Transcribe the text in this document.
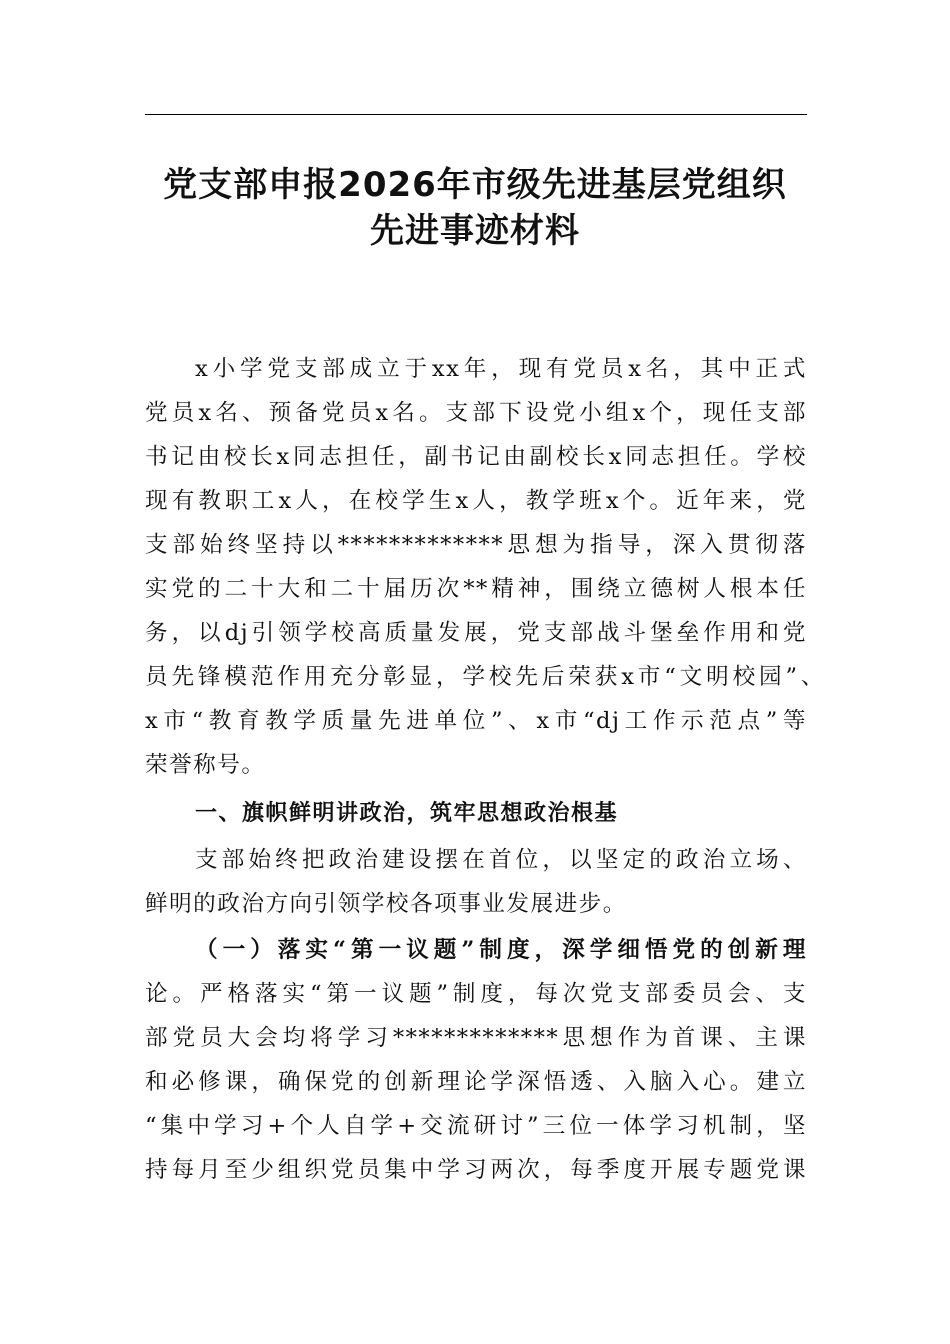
党支部申报2026年市级先进基层党组织
先进事迹材料
x小学党支部成立于xx年，现有党员x名，其中正式
党员x名、预备党员x名。支部下设党小组x个，现任支部
书记由校长x同志担任，副书记由副校长x同志担任。学校
现有教职工x人，在校学生x人，教学班x个。近年来，党
支部始终坚持以*************思想为指导，深入贯彻落
实党的二十大和二十届历次**精神，围绕立德树人根本任
务，以dj引领学校高质量发展，党支部战斗堡垒作用和党
员先锋模范作用充分彰显，学校先后荣获x市“文明校园”、
x市“教育教学质量先进单位”、x市“dj工作示范点”等
荣誉称号。
一、旗帜鲜明讲政治，筑牢思想政治根基
支部始终把政治建设摆在首位，以坚定的政治立场、
鲜明的政治方向引领学校各项事业发展进步。
（一）落实“第一议题”制度，深学细悟党的创新理
论。严格落实“第一议题”制度，每次党支部委员会、支
部党员大会均将学习*************思想作为首课、主课
和必修课，确保党的创新理论学深悟透、入脑入心。建立
“集中学习+个人自学+交流研讨”三位一体学习机制，坚
持每月至少组织党员集中学习两次，每季度开展专题党课
